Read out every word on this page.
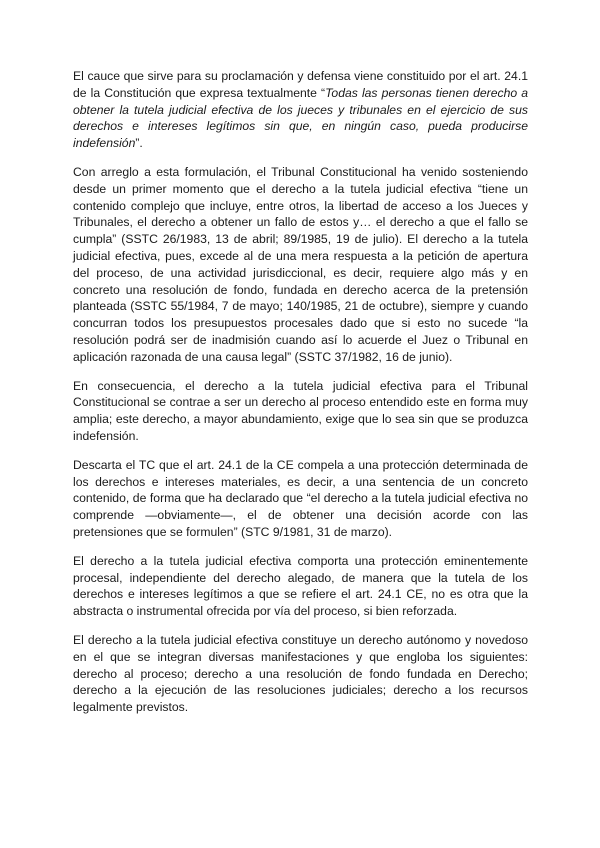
El cauce que sirve para su proclamación y defensa viene constituido por el art. 24.1 de la Constitución que expresa textualmente “Todas las personas tienen derecho a obtener la tutela judicial efectiva de los jueces y tribunales en el ejercicio de sus derechos e intereses legítimos sin que, en ningún caso, pueda producirse indefensión”.

Con arreglo a esta formulación, el Tribunal Constitucional ha venido sosteniendo desde un primer momento que el derecho a la tutela judicial efectiva “tiene un contenido complejo que incluye, entre otros, la libertad de acceso a los Jueces y Tribunales, el derecho a obtener un fallo de estos y… el derecho a que el fallo se cumpla” (SSTC 26/1983, 13 de abril; 89/1985, 19 de julio). El derecho a la tutela judicial efectiva, pues, excede al de una mera respuesta a la petición de apertura del proceso, de una actividad jurisdiccional, es decir, requiere algo más y en concreto una resolución de fondo, fundada en derecho acerca de la pretensión planteada (SSTC 55/1984, 7 de mayo; 140/1985, 21 de octubre), siempre y cuando concurran todos los presupuestos procesales dado que si esto no sucede “la resolución podrá ser de inadmisión cuando así lo acuerde el Juez o Tribunal en aplicación razonada de una causa legal” (SSTC 37/1982, 16 de junio).

En consecuencia, el derecho a la tutela judicial efectiva para el Tribunal Constitucional se contrae a ser un derecho al proceso entendido este en forma muy amplia; este derecho, a mayor abundamiento, exige que lo sea sin que se produzca indefensión.

Descarta el TC que el art. 24.1 de la CE compela a una protección determinada de los derechos e intereses materiales, es decir, a una sentencia de un concreto contenido, de forma que ha declarado que “el derecho a la tutela judicial efectiva no comprende —obviamente—, el de obtener una decisión acorde con las pretensiones que se formulen” (STC 9/1981, 31 de marzo).

El derecho a la tutela judicial efectiva comporta una protección eminentemente procesal, independiente del derecho alegado, de manera que la tutela de los derechos e intereses legítimos a que se refiere el art. 24.1 CE, no es otra que la abstracta o instrumental ofrecida por vía del proceso, si bien reforzada.

El derecho a la tutela judicial efectiva constituye un derecho autónomo y novedoso en el que se integran diversas manifestaciones y que engloba los siguientes: derecho al proceso; derecho a una resolución de fondo fundada en Derecho; derecho a la ejecución de las resoluciones judiciales; derecho a los recursos legalmente previstos.
